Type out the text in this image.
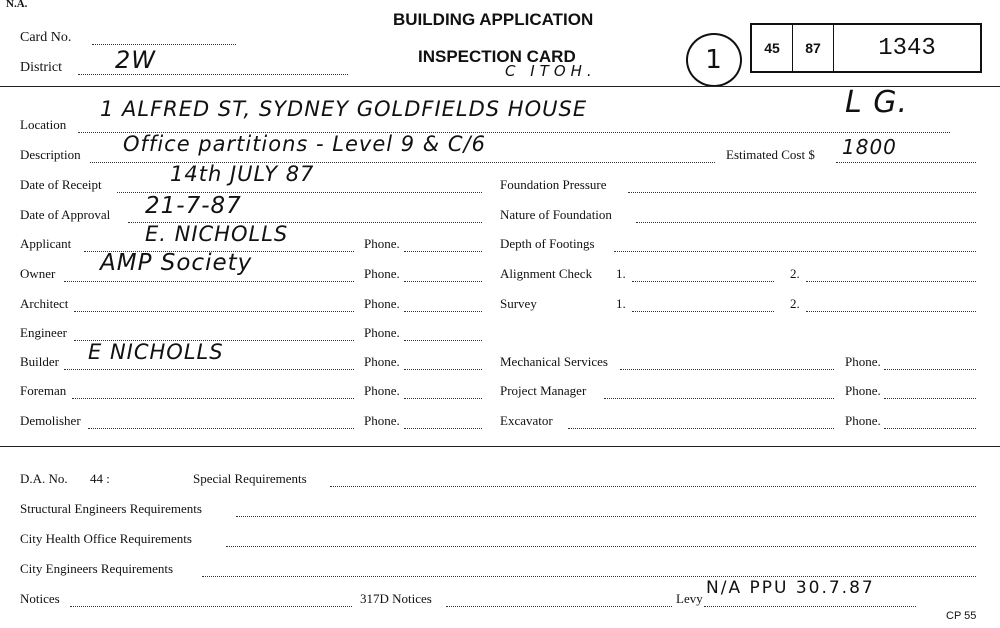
N.A.
Card No.
District 2W
BUILDING APPLICATION
INSPECTION CARD
C ITOH.	1	45	87	1343
Location
1 ALFRED ST, SYDNEY GOLDFIELDS HOUSE	L G.
Description Office partitions - Level 9 & C/6	Estimated Cost $ 1800
Date of Receipt	14th JULY 87
Date of Approval 21-7-87
Applicant	E. NICHOLLS	Phone.
Owner AMP Society	Phone.
Architect	Phone.
Engineer	Phone.
Builder E NICHOLLS	Phone.
Foreman	Phone.
Demolisher	Phone.
Foundation Pressure
Nature of Foundation
Depth of Footings
Alignment Check 1.	2.
Survey	1.	2.
Mechanical Services	Phone.
Project Manager	Phone.
Excavator	Phone.
D.A. No. 44 :	Special Requirements
Structural Engineers Requirements
City Health Office Requirements
City Engineers Requirements
Notices	317D Notices	Levy
N/A PPU 30.7.87
CP 55
